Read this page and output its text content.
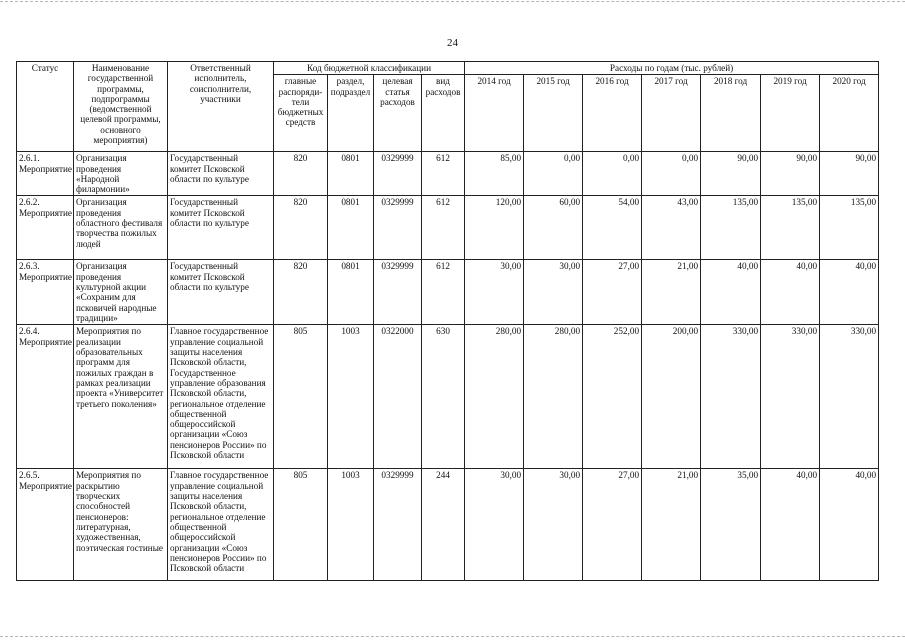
24
Статус	Наименование государственной программы, подпрограммы (ведомственной целевой программы, основного мероприятия)	Ответственный исполнитель, соисполнители, участники	Код бюджетной классификации				Расходы по годам (тыс. рублей)						
			главные распоряди-тели бюджетных средств	раздел, подраздел	целевая статья расходов	вид расходов	2014 год	2015 год	2016 год	2017 год	2018 год	2019 год	2020 год
2.6.1. Мероприятие	Организация проведения «Народной филармонии»	Государственный комитет Псковской области по культуре	820	0801	0329999	612	85,00	0,00	0,00	0,00	90,00	90,00	90,00
2.6.2. Мероприятие	Организация проведения областного фестиваля творчества пожилых людей	Государственный комитет Псковской области по культуре	820	0801	0329999	612	120,00	60,00	54,00	43,00	135,00	135,00	135,00
2.6.3. Мероприятие	Организация проведения культурной акции «Сохраним для псковичей народные традиции»	Государственный комитет Псковской области по культуре	820	0801	0329999	612	30,00	30,00	27,00	21,00	40,00	40,00	40,00
2.6.4. Мероприятие	Мероприятия по реализации образовательных программ для пожилых граждан в рамках реализации проекта «Университет третьего поколения»	Главное государственное управление социальной защиты населения Псковской области, Государственное управление образования Псковской области, региональное отделение общественной общероссийской организации «Союз пенсионеров России» по Псковской области	805	1003	0322000	630	280,00	280,00	252,00	200,00	330,00	330,00	330,00
2.6.5. Мероприятие	Мероприятия по раскрытию творческих способностей пенсионеров: литературная, художественная, поэтическая гостиные	Главное государственное управление социальной защиты населения Псковской области, региональное отделение общественной общероссийской организации «Союз пенсионеров России» по Псковской области	805	1003	0329999	244	30,00	30,00	27,00	21,00	35,00	40,00	40,00
